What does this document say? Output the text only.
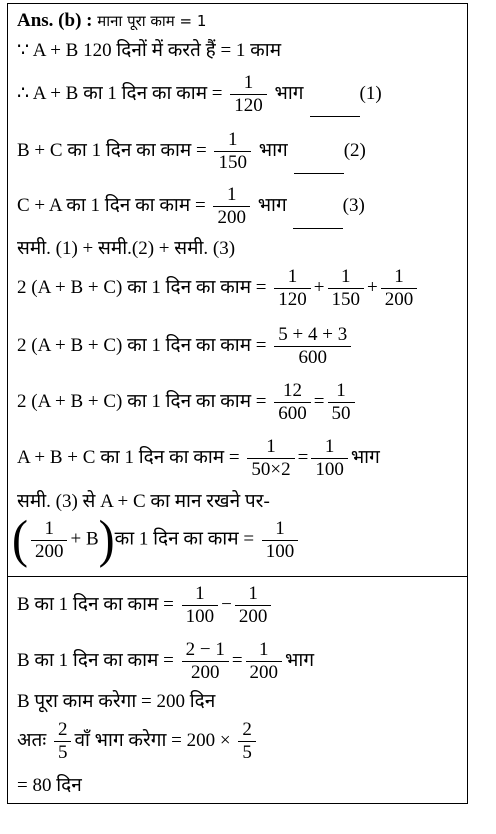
Ans. (b) : माना पूरा काम = 1
∵ A + B 120 दिनों में करते हैं = 1 काम
∴ A + B का 1 दिन का काम = $\frac{1}{120}$ भाग	(1)
B + C का 1 दिन का काम = $\frac{1}{150}$ भाग	(2)
C + A का 1 दिन का काम = $\frac{1}{200}$ भाग	(3)
समी. (1) + समी.(2) + समी. (3)
2 (A + B + C) का 1 दिन का काम = $\frac{1}{120} + \frac{1}{150} + \frac{1}{200}$
2 (A + B + C) का 1 दिन का काम = $\frac{5 + 4 + 3}{600}$
2 (A + B + C) का 1 दिन का काम = $\frac{12}{600} = \frac{1}{50}$
A + B + C का 1 दिन का काम = $\frac{1}{50\times 2} = \frac{1}{100}$ भाग
समी. (3) से A + C का मान रखने पर-
( $\frac{1}{200}$ + B)का 1 दिन का काम = $\frac{1}{100}$
B का 1 दिन का काम = $\frac{1}{100} - \frac{1}{200}$
B का 1 दिन का काम = $\frac{2 - 1}{200} = \frac{1}{200}$ भाग
B पूरा काम करेगा = 200 दिन
अतः $\frac{2}{5}$ वाँ भाग करेगा = $200 \times \frac{2}{5}$
= 80 दिन
